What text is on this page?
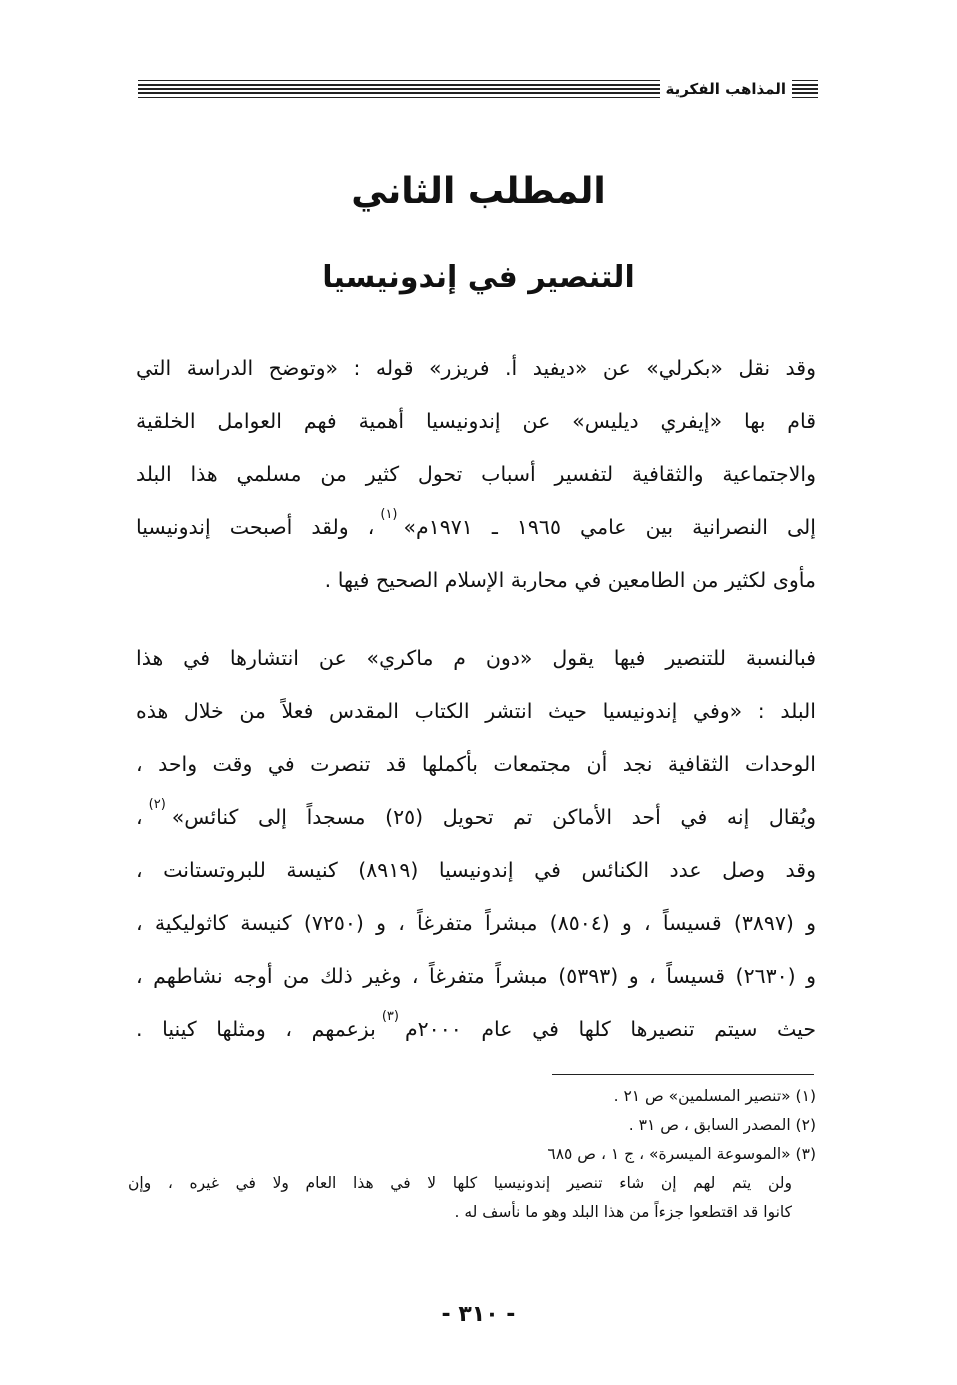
المذاهب الفكرية
المطلب الثاني
التنصير في إندونيسيا
وقد نقل «بكرلي» عن «ديفيد أ. فريزر» قوله : «وتوضح الدراسة التي
قام بها «إيفري ديليس» عن إندونيسيا أهمية فهم العوامل الخلقية
والاجتماعية والثقافية لتفسير أسباب تحول كثير من مسلمي هذا البلد
إلى النصرانية بين عامي ١٩٦٥ ـ ١٩٧١م»$^{(١)}$، ولقد أصبحت إندونيسيا
مأوى لكثير من الطامعين في محاربة الإسلام الصحيح فيها .
فبالنسبة للتنصير فيها يقول «دون م ماكري» عن انتشارها في هذا
البلد : «وفي إندونيسيا حيث انتشر الكتاب المقدس فعلاً من خلال هذه
الوحدات الثقافية نجد أن مجتمعات بأكملها قد تنصرت في وقت واحد ،
ويُقال إنه في أحد الأماكن تم تحويل (٢٥) مسجداً إلى كنائس»$^{(٢)}$،
وقد وصل عدد الكنائس في إندونيسيا (٨٩١٩) كنيسة للبروتستانت ،
و (٣٨٩٧) قسيساً ، و (٨٥٠٤) مبشراً متفرغاً ، و (٧٢٥٠) كنيسة كاثوليكية ،
و (٢٦٣٠) قسيساً ، و (٥٣٩٣) مبشراً متفرغاً ، وغير ذلك من أوجه نشاطهم ،
حيث سيتم تنصيرها كلها في عام ٢٠٠٠م$^{(٣)}$بزعمهم ، ومثلها كينيا .
(١) «تنصير المسلمين» ص ٢١ .
(٢) المصدر السابق ، ص ٣١ .
(٣) «الموسوعة الميسرة» ، ج ١ ، ص ٦٨٥
ولن يتم لهم إن شاء تنصير إندونيسيا كلها لا في هذا العام ولا في غيره ، وإن
كانوا قد اقتطعوا جزءاً من هذا البلد وهو ما نأسف له .
- ٣١٠ -
